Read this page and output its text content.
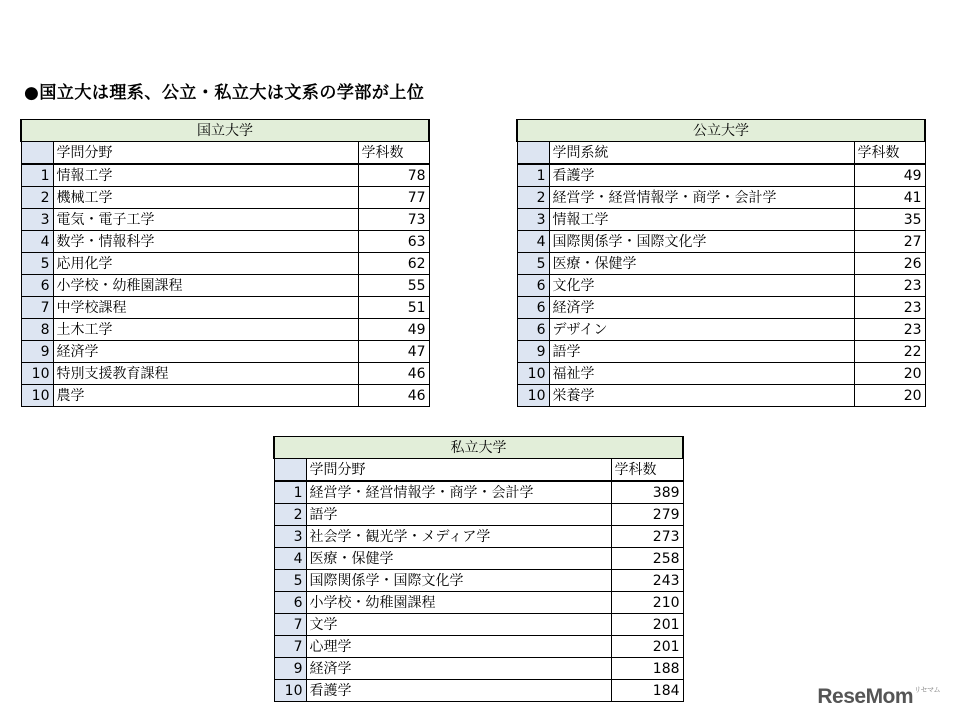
●国立大は理系、公立・私立大は文系の学部が上位
国立大学		
	学問分野	学科数
1	情報工学	78
2	機械工学	77
3	電気・電子工学	73
4	数学・情報科学	63
5	応用化学	62
6	小学校・幼稚園課程	55
7	中学校課程	51
8	土木工学	49
9	経済学	47
10	特別支援教育課程	46
10	農学	46
公立大学		
	学問系統	学科数
1	看護学	49
2	経営学・経営情報学・商学・会計学	41
3	情報工学	35
4	国際関係学・国際文化学	27
5	医療・保健学	26
6	文化学	23
6	経済学	23
6	デザイン	23
9	語学	22
10	福祉学	20
10	栄養学	20
私立大学		
	学問分野	学科数
1	経営学・経営情報学・商学・会計学	389
2	語学	279
3	社会学・観光学・メディア学	273
4	医療・保健学	258
5	国際関係学・国際文化学	243
6	小学校・幼稚園課程	210
7	文学	201
7	心理学	201
9	経済学	188
10	看護学	184	ReseMom$^{リセマム}$
